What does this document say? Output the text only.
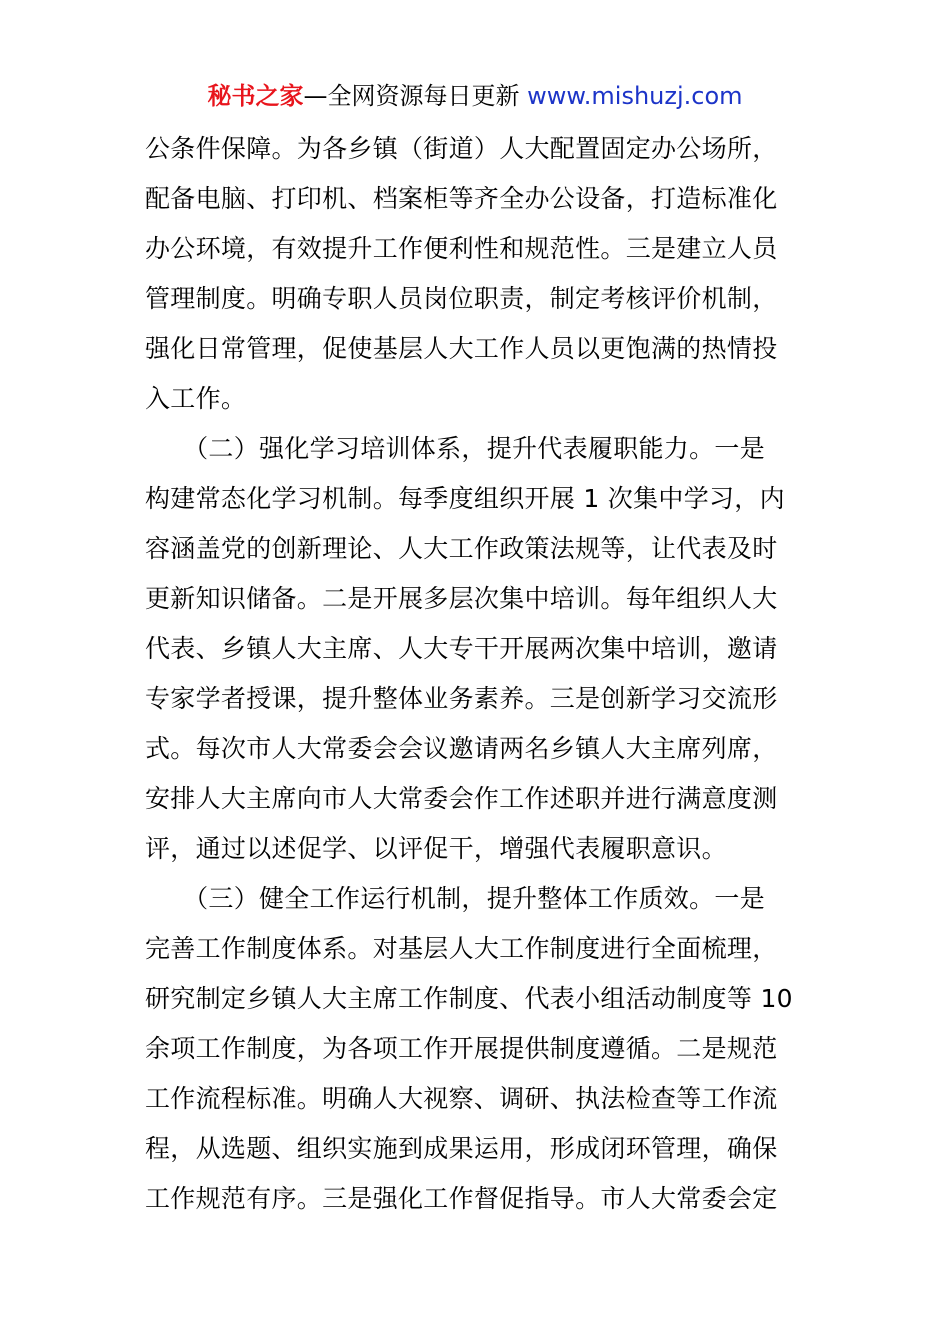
秘书之家—全网资源每日更新 www.mishuzj.com
公条件保障。为各乡镇（街道）人大配置固定办公场所，
配备电脑、打印机、档案柜等齐全办公设备，打造标准化
办公环境，有效提升工作便利性和规范性。三是建立人员
管理制度。明确专职人员岗位职责，制定考核评价机制，
强化日常管理，促使基层人大工作人员以更饱满的热情投
入工作。
　　（二）强化学习培训体系，提升代表履职能力。一是
构建常态化学习机制。每季度组织开展 1 次集中学习，内
容涵盖党的创新理论、人大工作政策法规等，让代表及时
更新知识储备。二是开展多层次集中培训。每年组织人大
代表、乡镇人大主席、人大专干开展两次集中培训，邀请
专家学者授课，提升整体业务素养。三是创新学习交流形
式。每次市人大常委会会议邀请两名乡镇人大主席列席，
安排人大主席向市人大常委会作工作述职并进行满意度测
评，通过以述促学、以评促干，增强代表履职意识。
　　（三）健全工作运行机制，提升整体工作质效。一是
完善工作制度体系。对基层人大工作制度进行全面梳理，
研究制定乡镇人大主席工作制度、代表小组活动制度等 10
余项工作制度，为各项工作开展提供制度遵循。二是规范
工作流程标准。明确人大视察、调研、执法检查等工作流
程，从选题、组织实施到成果运用，形成闭环管理，确保
工作规范有序。三是强化工作督促指导。市人大常委会定
